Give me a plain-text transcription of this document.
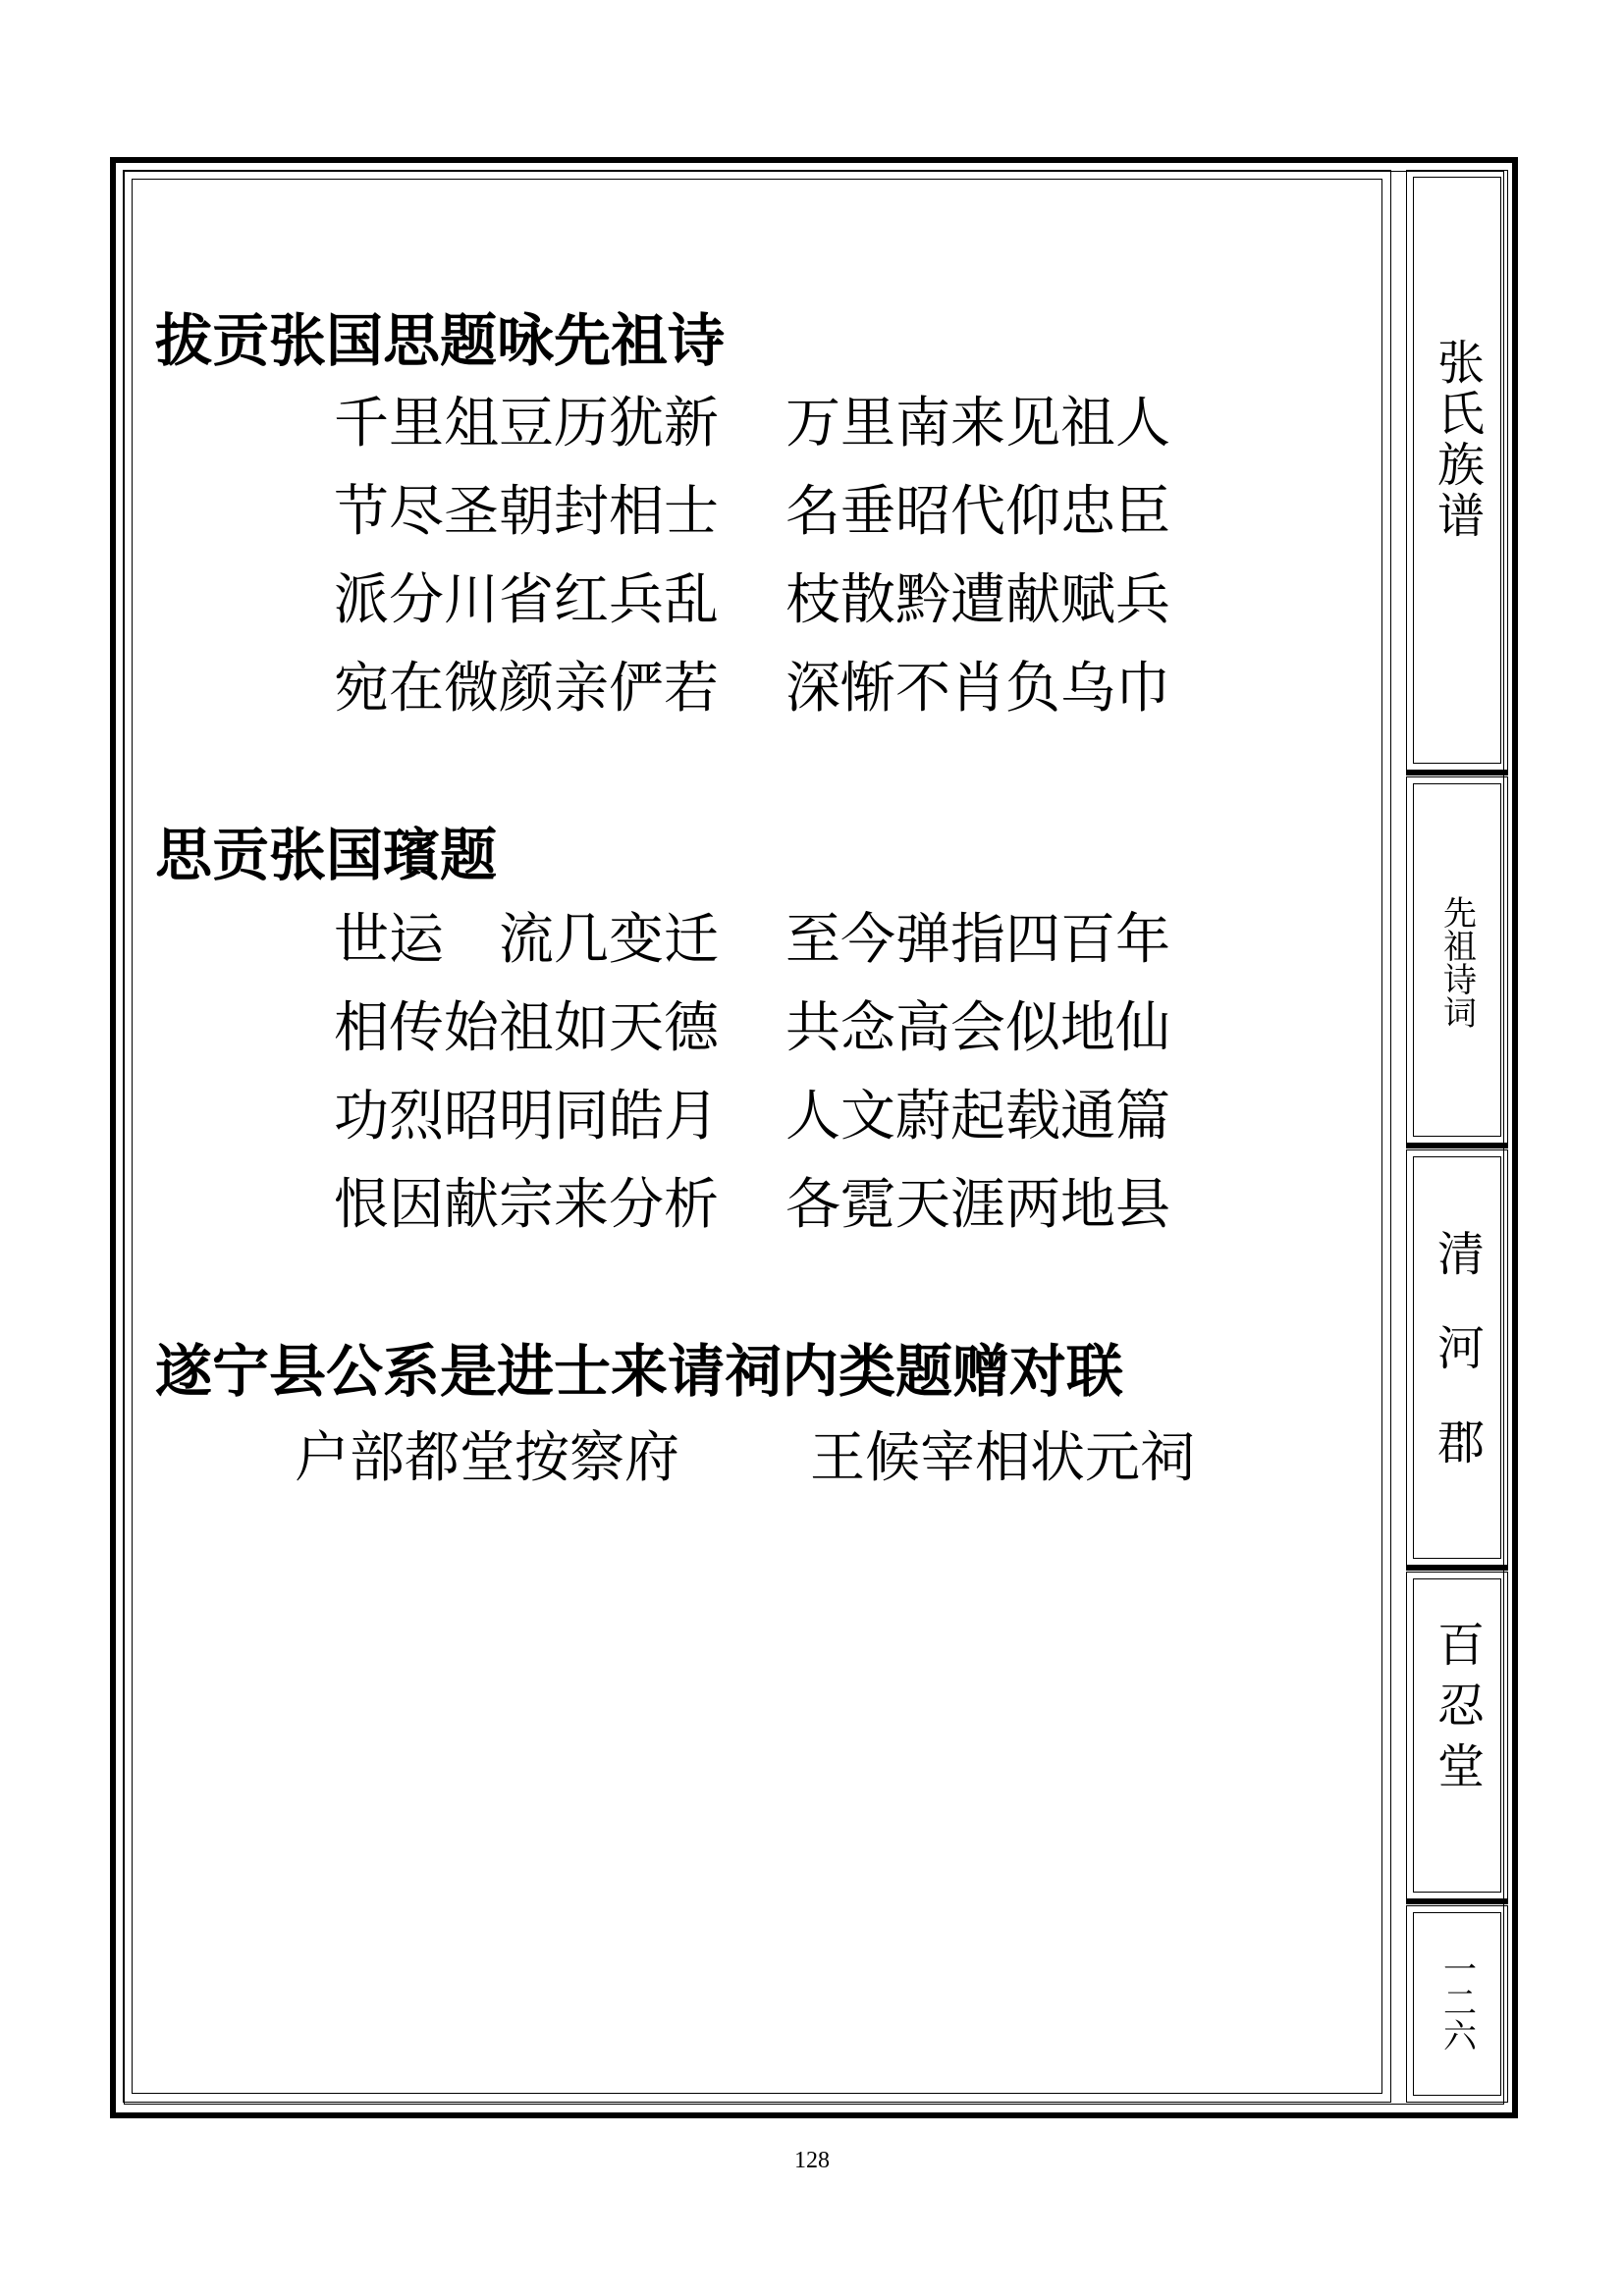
拔贡张国思题咏先祖诗
千里俎豆历犹新 万里南来见祖人
节尽圣朝封相士 名垂昭代仰忠臣
派分川省红兵乱 枝散黔遭献赋兵
宛在微颜亲俨若 深惭不肖负乌巾
思贡张国璸题
世运　流几变迁 至今弹指四百年
相传始祖如天德 共念高会似地仙
功烈昭明同皓月 人文蔚起载通篇
恨因献宗来分析 各霓天涯两地县
遂宁县公系是进士来请祠内类题赠对联
户部都堂按察府 王候宰相状元祠
张氏族谱
先祖诗词
清河郡
百忍堂
一二六
128
